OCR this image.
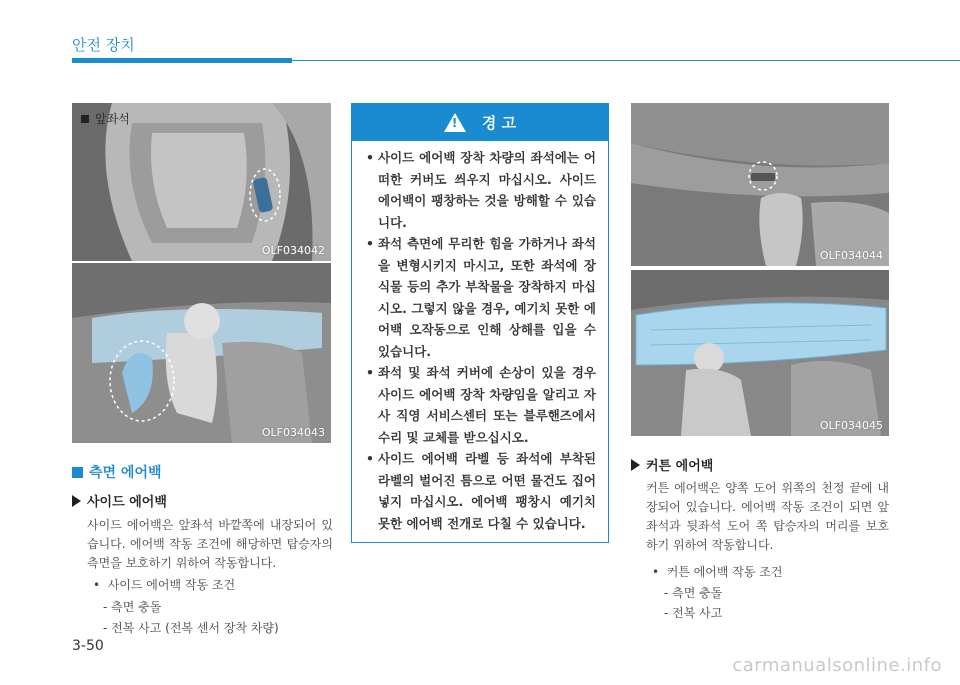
안전 장치
앞좌석
OLF034042
OLF034043
측면 에어백
사이드 에어백
사이드 에어백은 앞좌석 바깥쪽에 내장되어 있습니다. 에어백 작동 조건에 해당하면 탑승자의 측면을 보호하기 위하여 작동합니다.
•  사이드 에어백 작동 조건
- 측면 충돌
- 전복 사고 (전복 센서 장착 차량)
! 경 고
• 사이드 에어백 장착 차량의 좌석에는 어떠한 커버도 씌우지 마십시오. 사이드 에어백이 팽창하는 것을 방해할 수 있습니다.
• 좌석 측면에 무리한 힘을 가하거나 좌석을 변형시키지 마시고, 또한 좌석에 장식물 등의 추가 부착물을 장착하지 마십시오. 그렇지 않을 경우, 예기치 못한 에어백 오작동으로 인해 상해를 입을 수 있습니다.
• 좌석 및 좌석 커버에 손상이 있을 경우 사이드 에어백 장착 차량임을 알리고 자사 직영 서비스센터 또는 블루핸즈에서 수리 및 교체를 받으십시오.
• 사이드 에어백 라벨 등 좌석에 부착된 라벨의 벌어진 틈으로 어떤 물건도 집어넣지 마십시오. 에어백 팽창시 예기치 못한 에어백 전개로 다칠 수 있습니다.
OLF034044
OLF034045
커튼 에어백
커튼 에어백은 양쪽 도어 위쪽의 천정 끝에 내장되어 있습니다. 에어백 작동 조건이 되면 앞좌석과 뒷좌석 도어 쪽 탑승자의 머리를 보호하기 위하여 작동합니다.
•  커튼 에어백 작동 조건
- 측면 충돌
- 전복 사고
3-50
carmanualsonline.info
